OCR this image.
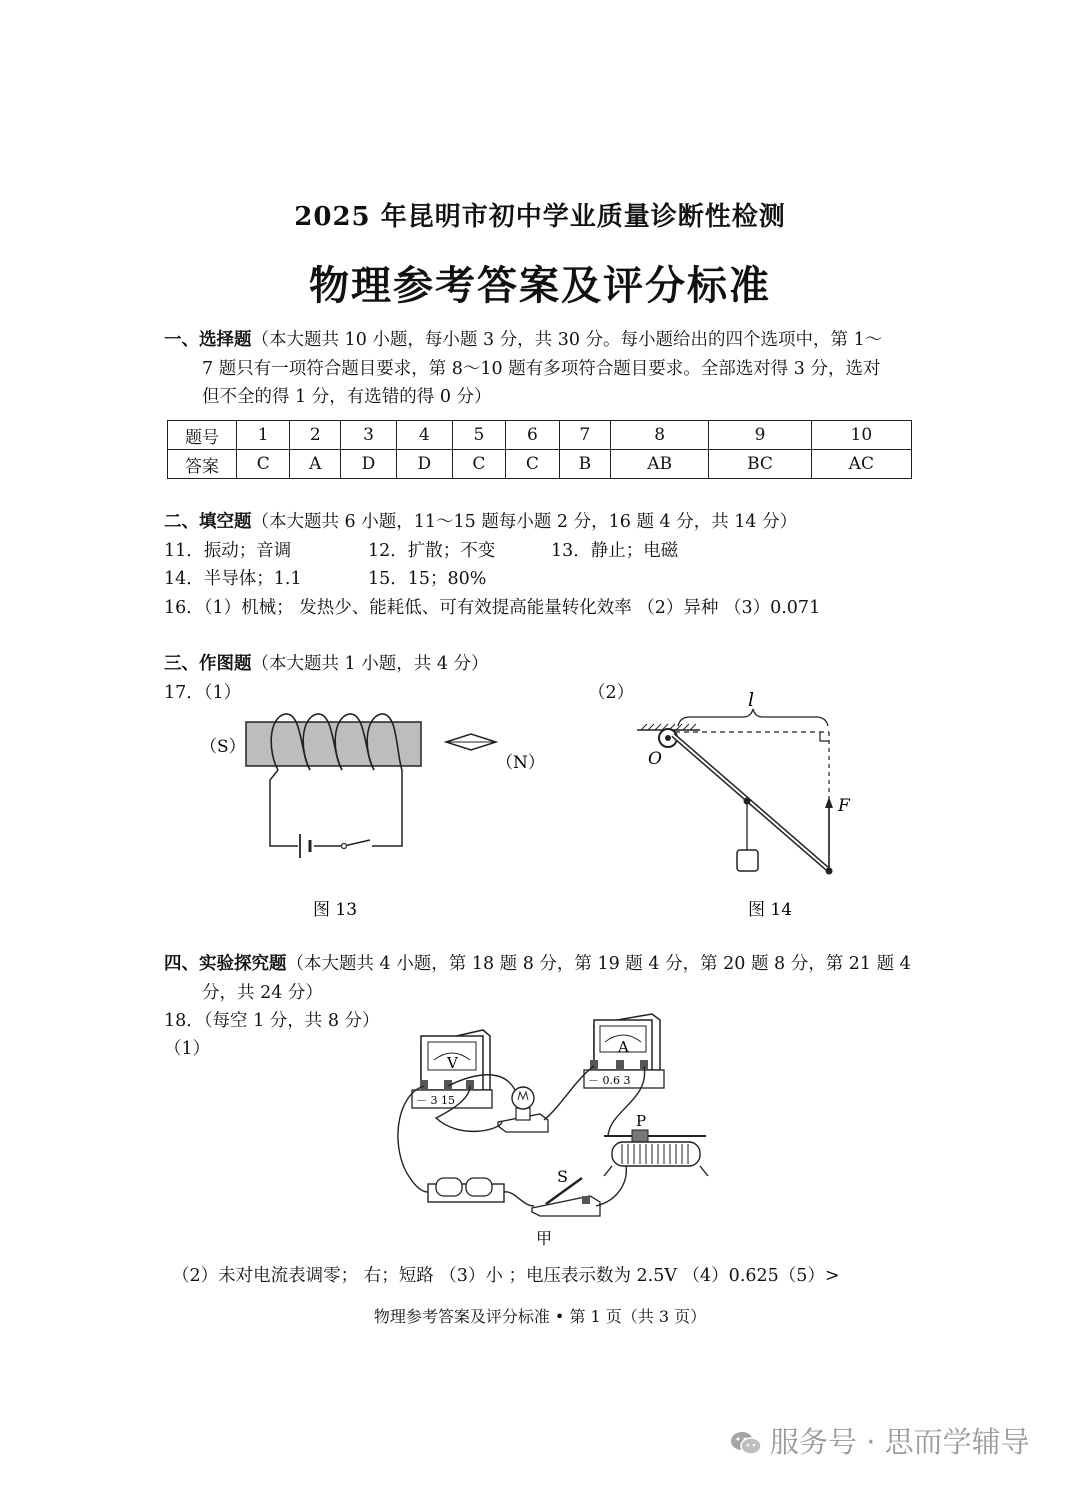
2025 年昆明市初中学业质量诊断性检测
物理参考答案及评分标准
一、选择题（本大题共 10 小题，每小题 3 分，共 30 分。每小题给出的四个选项中，第 1～
7 题只有一项符合题目要求，第 8～10 题有多项符合题目要求。全部选对得 3 分，选对
但不全的得 1 分，有选错的得 0 分）
题号	1	2	3	4	5	6	7	8	9	10
答案	C	A	D	D	C	C	B	AB	BC	AC
二、填空题（本大题共 6 小题，11～15 题每小题 2 分，16 题 4 分，共 14 分）
11．振动；音调	12．扩散；不变	13．静止；电磁
14．半导体；1.1	15．15；80%
16．（1）机械； 发热少、能耗低、可有效提高能量转化效率 （2）异种 （3）0.071
三、作图题（本大题共 1 小题，共 4 分）
17．（1）	（2）
（S）
（N）
图 13
l
O
F
图 14
四、实验探究题（本大题共 4 小题，第 18 题 8 分，第 19 题 4 分，第 20 题 8 分，第 21 题 4
分，共 24 分）
18．（每空 1 分，共 8 分）
（1）
V
－ 3 15
A
－ 0.6 3
S
P
甲
（2）未对电流表调零； 右；短路 （3）小 ；电压表示数为 2.5V （4）0.625（5）>
物理参考答案及评分标准 • 第 1 页（共 3 页）
服务号 · 思而学辅导
